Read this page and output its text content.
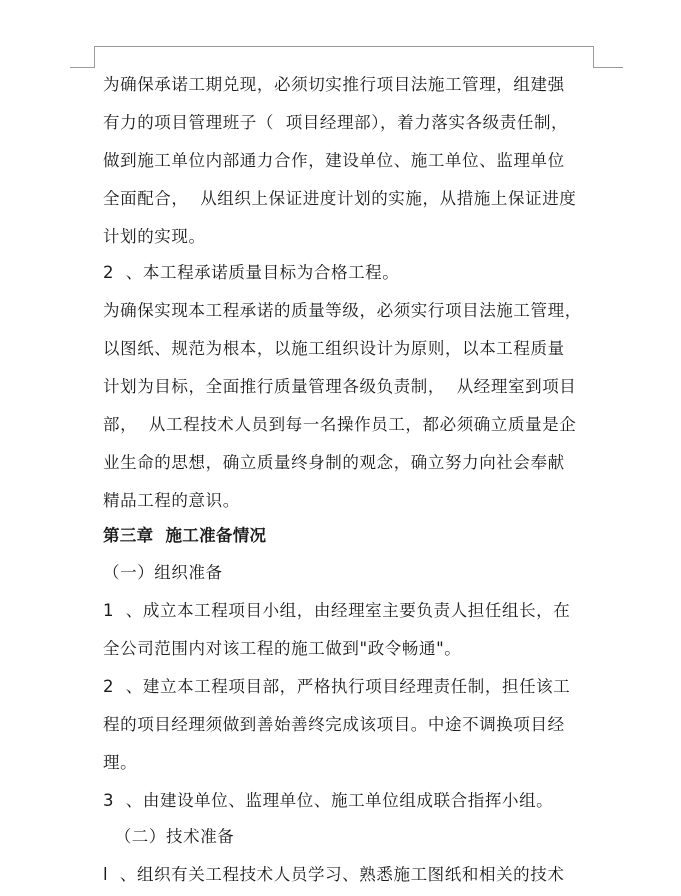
为确保承诺工期兑现，必须切实推行项目法施工管理，组建强
有力的项目管理班子（  项目经理部），着力落实各级责任制，
做到施工单位内部通力合作，建设单位、施工单位、监理单位
全面配合，  从组织上保证进度计划的实施，从措施上保证进度
计划的实现。
2  、本工程承诺质量目标为合格工程。
为确保实现本工程承诺的质量等级，必须实行项目法施工管理，
以图纸、规范为根本，以施工组织设计为原则，以本工程质量
计划为目标，全面推行质量管理各级负责制，  从经理室到项目
部，  从工程技术人员到每一名操作员工，都必须确立质量是企
业生命的思想，确立质量终身制的观念，确立努力向社会奉献
精品工程的意识。
第三章  施工准备情况
（一）组织准备
1  、成立本工程项目小组，由经理室主要负责人担任组长，在
全公司范围内对该工程的施工做到"政令畅通"。
2  、建立本工程项目部，严格执行项目经理责任制，担任该工
程的项目经理须做到善始善终完成该项目。中途不调换项目经
理。
3  、由建设单位、监理单位、施工单位组成联合指挥小组。
（二）技术准备
l  、组织有关工程技术人员学习、熟悉施工图纸和相关的技术
